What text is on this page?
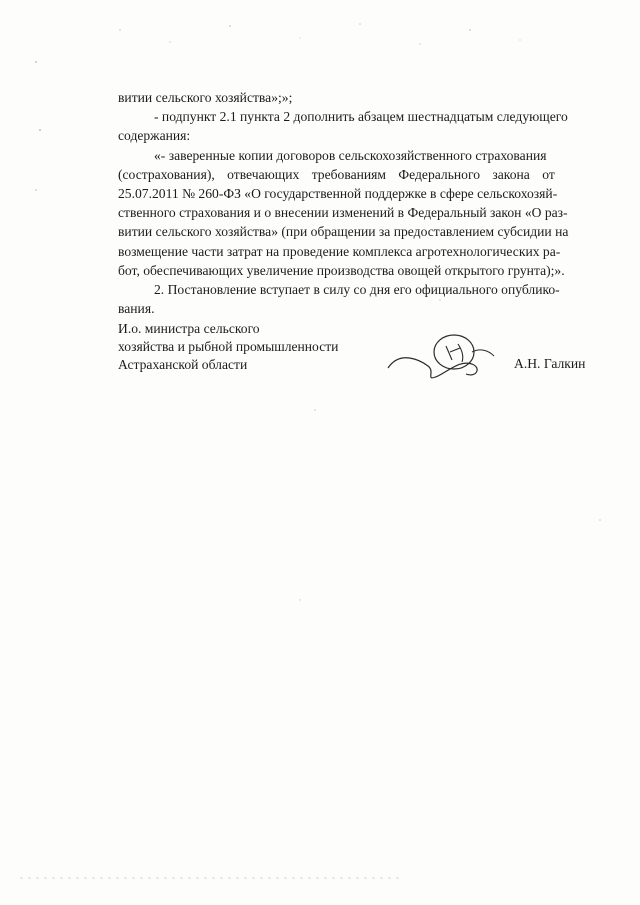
витии сельского хозяйства»;»;
- подпункт 2.1 пункта 2 дополнить абзацем шестнадцатым следующего
содержания:
«- заверенные копии договоров сельскохозяйственного страхования
(сострахования), отвечающих требованиям Федерального закона от
25.07.2011 № 260-ФЗ «О государственной поддержке в сфере сельскохозяй-
ственного страхования и о внесении изменений в Федеральный закон «О раз-
витии сельского хозяйства» (при обращении за предоставлением субсидии на
возмещение части затрат на проведение комплекса агротехнологических ра-
бот, обеспечивающих увеличение производства овощей открытого грунта);».
2. Постановление вступает в силу со дня его официального опублико-
вания.
И.о. министра сельского
хозяйства и рыбной промышленности
Астраханской области	А.Н. Галкин
